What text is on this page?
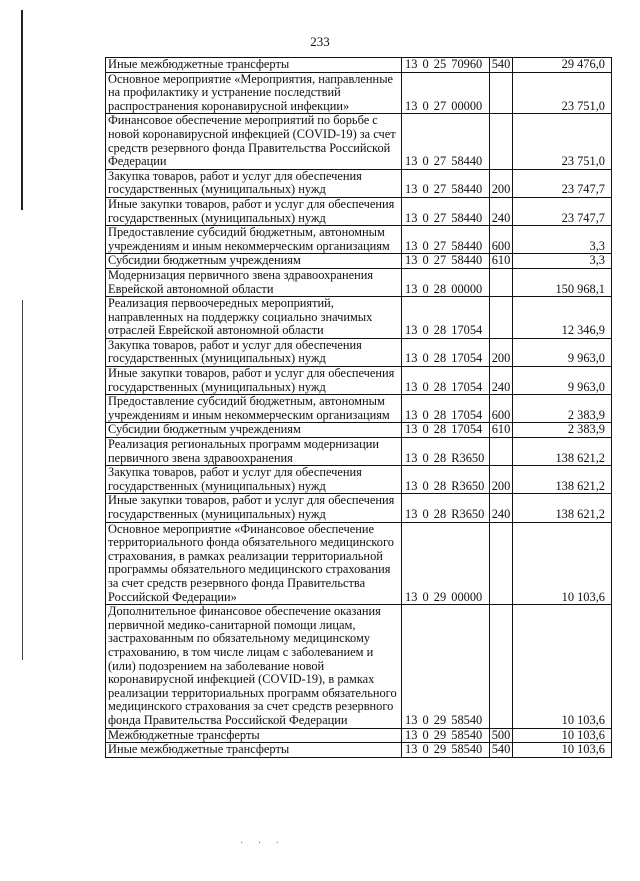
233
Иные межбюджетные трансферты	13 0 25 70960	540	29 476,0
Основное мероприятие «Мероприятия, направленные на профилактику и устранение последствий распространения коронавирусной инфекции»	13 0 27 00000		23 751,0
Финансовое обеспечение мероприятий по борьбе с новой коронавирусной инфекцией (COVID-19) за счет средств резервного фонда Правительства Российской Федерации	13 0 27 58440		23 751,0
Закупка товаров, работ и услуг для обеспечения государственных (муниципальных) нужд	13 0 27 58440	200	23 747,7
Иные закупки товаров, работ и услуг для обеспечения государственных (муниципальных) нужд	13 0 27 58440	240	23 747,7
Предоставление субсидий бюджетным, автономным учреждениям и иным некоммерческим организациям	13 0 27 58440	600	3,3
Субсидии бюджетным учреждениям	13 0 27 58440	610	3,3
Модернизация первичного звена здравоохранения Еврейской автономной области	13 0 28 00000		150 968,1
Реализация первоочередных мероприятий, направленных на поддержку социально значимых отраслей Еврейской автономной области	13 0 28 17054		12 346,9
Закупка товаров, работ и услуг для обеспечения государственных (муниципальных) нужд	13 0 28 17054	200	9 963,0
Иные закупки товаров, работ и услуг для обеспечения государственных (муниципальных) нужд	13 0 28 17054	240	9 963,0
Предоставление субсидий бюджетным, автономным учреждениям и иным некоммерческим организациям	13 0 28 17054	600	2 383,9
Субсидии бюджетным учреждениям	13 0 28 17054	610	2 383,9
Реализация региональных программ модернизации первичного звена здравоохранения	13 0 28 R3650		138 621,2
Закупка товаров, работ и услуг для обеспечения государственных (муниципальных) нужд	13 0 28 R3650	200	138 621,2
Иные закупки товаров, работ и услуг для обеспечения государственных (муниципальных) нужд	13 0 28 R3650	240	138 621,2
Основное мероприятие «Финансовое обеспечение территориального фонда обязательного медицинского страхования, в рамках реализации территориальной программы обязательного медицинского страхования за счет средств резервного фонда Правительства Российской Федерации»	13 0 29 00000		10 103,6
Дополнительное финансовое обеспечение оказания первичной медико-санитарной помощи лицам, застрахованным по обязательному медицинскому страхованию, в том числе лицам с заболеванием и (или) подозрением на заболевание новой коронавирусной инфекцией (COVID-19), в рамках реализации территориальных программ обязательного медицинского страхования за счет средств резервного фонда Правительства Российской Федерации	13 0 29 58540		10 103,6
Межбюджетные трансферты	13 0 29 58540	500	10 103,6
Иные межбюджетные трансферты	13 0 29 58540	540	10 103,6
· · ·
